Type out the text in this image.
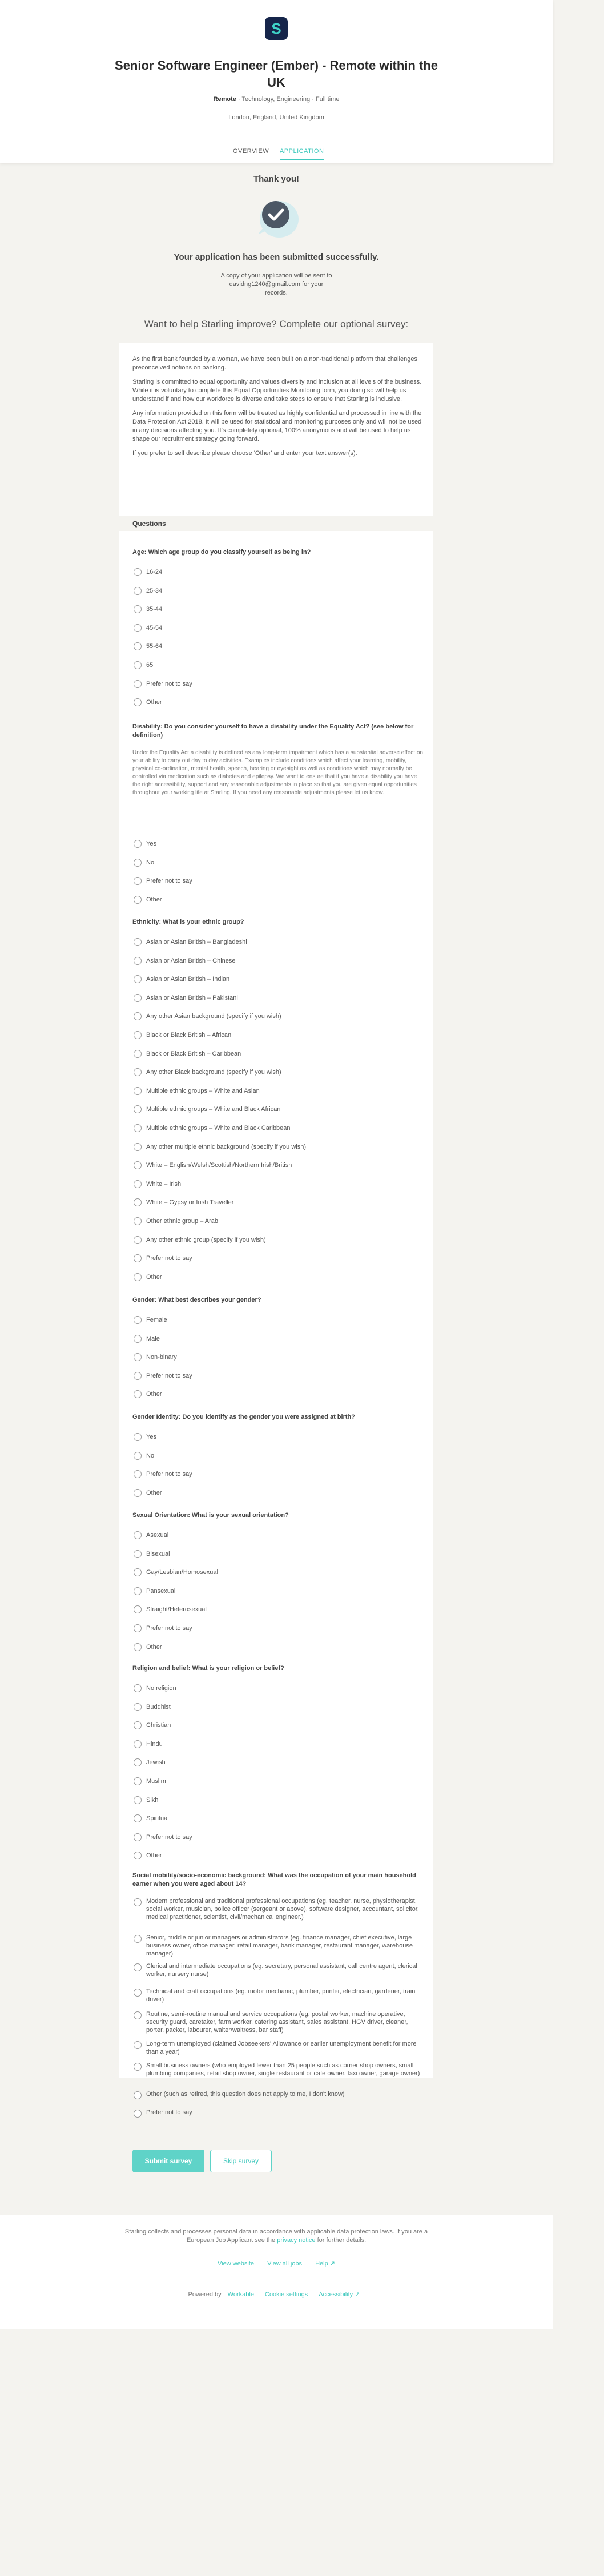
S
Senior Software Engineer (Ember) - Remote within the UK
Remote · Technology, Engineering · Full time
London, England, United Kingdom
OVERVIEW APPLICATION
Thank you!
Your application has been submitted successfully.
A copy of your application will be sent to davidng1240@gmail.com for your records.
Want to help Starling improve? Complete our optional survey:

As the first bank founded by a woman, we have been built on a non-traditional platform that challenges preconceived notions on banking.

Starling is committed to equal opportunity and values diversity and inclusion at all levels of the business. While it is voluntary to complete this Equal Opportunities Monitoring form, you doing so will help us understand if and how our workforce is diverse and take steps to ensure that Starling is inclusive.

Any information provided on this form will be treated as highly confidential and processed in line with the Data Protection Act 2018. It will be used for statistical and monitoring purposes only and will not be used in any decisions affecting you. It's completely optional, 100% anonymous and will be used to help us shape our recruitment strategy going forward.

If you prefer to self describe please choose 'Other' and enter your text answer(s).

Questions
Age: Which age group do you classify yourself as being in?
16-24
25-34
35-44
45-54
55-64
65+
Prefer not to say
Other
Disability: Do you consider yourself to have a disability under the Equality Act? (see below for definition)
Under the Equality Act a disability is defined as any long-term impairment which has a substantial adverse effect on your ability to carry out day to day activities. Examples include conditions which affect your learning, mobility, physical co-ordination, mental health, speech, hearing or eyesight as well as conditions which may normally be controlled via medication such as diabetes and epilepsy. We want to ensure that if you have a disability you have the right accessibility, support and any reasonable adjustments in place so that you are given equal opportunities throughout your working life at Starling. If you need any reasonable adjustments please let us know.
Yes
No
Prefer not to say
Other
Ethnicity: What is your ethnic group?
Asian or Asian British – Bangladeshi
Asian or Asian British – Chinese
Asian or Asian British – Indian
Asian or Asian British – Pakistani
Any other Asian background (specify if you wish)
Black or Black British – African
Black or Black British – Caribbean
Any other Black background (specify if you wish)
Multiple ethnic groups – White and Asian
Multiple ethnic groups – White and Black African
Multiple ethnic groups – White and Black Caribbean
Any other multiple ethnic background (specify if you wish)
White – English/Welsh/Scottish/Northern Irish/British
White – Irish
White – Gypsy or Irish Traveller
Other ethnic group – Arab
Any other ethnic group (specify if you wish)
Prefer not to say
Other
Gender: What best describes your gender?
Female
Male
Non-binary
Prefer not to say
Other
Gender Identity: Do you identify as the gender you were assigned at birth?
Yes
No
Prefer not to say
Other
Sexual Orientation: What is your sexual orientation?
Asexual
Bisexual
Gay/Lesbian/Homosexual
Pansexual
Straight/Heterosexual
Prefer not to say
Other
Religion and belief: What is your religion or belief?
No religion
Buddhist
Christian
Hindu
Jewish
Muslim
Sikh
Spiritual
Prefer not to say
Other
Social mobility/socio-economic background: What was the occupation of your main household earner when you were aged about 14?
Modern professional and traditional professional occupations (eg. teacher, nurse, physiotherapist, social worker, musician, police officer (sergeant or above), software designer, accountant, solicitor, medical practitioner, scientist, civil/mechanical engineer.)
Senior, middle or junior managers or administrators (eg. finance manager, chief executive, large business owner, office manager, retail manager, bank manager, restaurant manager, warehouse manager)
Clerical and intermediate occupations (eg. secretary, personal assistant, call centre agent, clerical worker, nursery nurse)
Technical and craft occupations (eg. motor mechanic, plumber, printer, electrician, gardener, train driver)
Routine, semi-routine manual and service occupations (eg. postal worker, machine operative, security guard, caretaker, farm worker, catering assistant, sales assistant, HGV driver, cleaner, porter, packer, labourer, waiter/waitress, bar staff)
Long-term unemployed (claimed Jobseekers' Allowance or earlier unemployment benefit for more than a year)
Small business owners (who employed fewer than 25 people such as corner shop owners, small plumbing companies, retail shop owner, single restaurant or cafe owner, taxi owner, garage owner)
Other (such as retired, this question does not apply to me, I don't know)
Prefer not to say
Submit survey	Skip survey
Starling collects and processes personal data in accordance with applicable data protection laws. If you are a European Job Applicant see the privacy notice for further details.
View website View all jobs Help ↗
Powered by Workable Cookie settings Accessibility ↗
